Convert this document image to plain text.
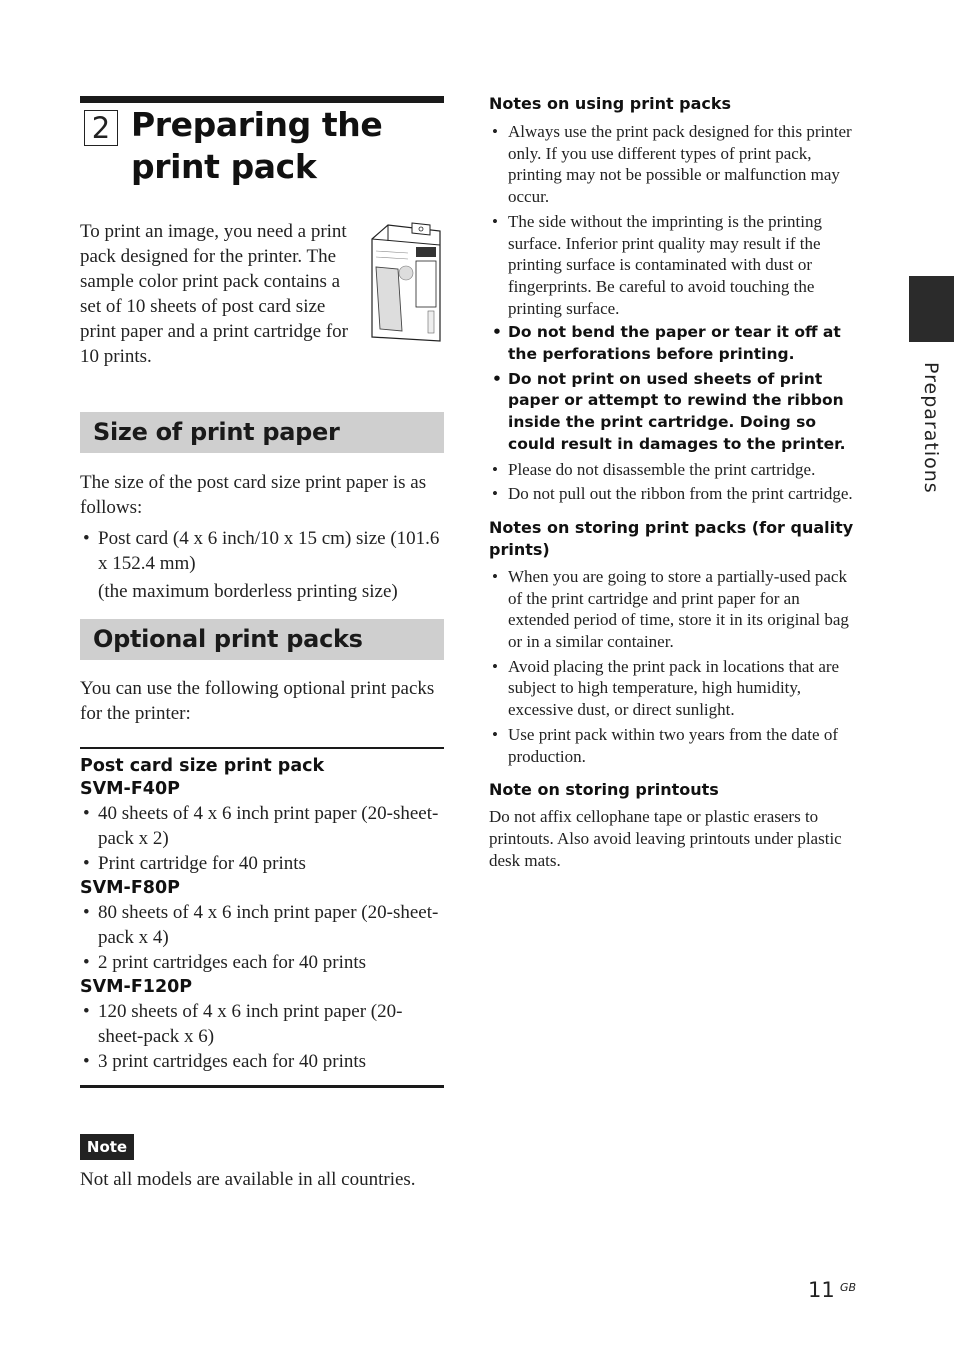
2 Preparing the print pack
To print an image, you need a print pack designed for the printer. The sample color print pack contains a set of 10 sheets of post card size print paper and a print cartridge for 10 prints.
Size of print paper
The size of the post card size print paper is as follows:
• Post card (4 x 6 inch/10 x 15 cm) size (101.6 x 152.4 mm)
(the maximum borderless printing size)
Optional print packs
You can use the following optional print packs for the printer:
Post card size print pack
SVM-F40P
• 40 sheets of 4 x 6 inch print paper (20-sheet-pack x 2)
• Print cartridge for 40 prints
SVM-F80P
• 80 sheets of 4 x 6 inch print paper (20-sheet-pack x 4)
• 2 print cartridges each for 40 prints
SVM-F120P
• 120 sheets of 4 x 6 inch print paper (20-sheet-pack x 6)
• 3 print cartridges each for 40 prints
Note
Not all models are available in all countries.
Notes on using print packs
• Always use the print pack designed for this printer only. If you use different types of print pack, printing may not be possible or malfunction may occur.
• The side without the imprinting is the printing surface. Inferior print quality may result if the printing surface is contaminated with dust or fingerprints. Be careful to avoid touching the printing surface.
• Do not bend the paper or tear it off at the perforations before printing.
• Do not print on used sheets of print paper or attempt to rewind the ribbon inside the print cartridge. Doing so could result in damages to the printer.
• Please do not disassemble the print cartridge.
• Do not pull out the ribbon from the print cartridge.
Notes on storing print packs (for quality prints)
• When you are going to store a partially-used pack of the print cartridge and print paper for an extended period of time, store it in its original bag or in a similar container.
• Avoid placing the print pack in locations that are subject to high temperature, high humidity, excessive dust, or direct sunlight.
• Use print pack within two years from the date of production.
Note on storing printouts
Do not affix cellophane tape or plastic erasers to printouts. Also avoid leaving printouts under plastic desk mats.
Preparations
11 GB
